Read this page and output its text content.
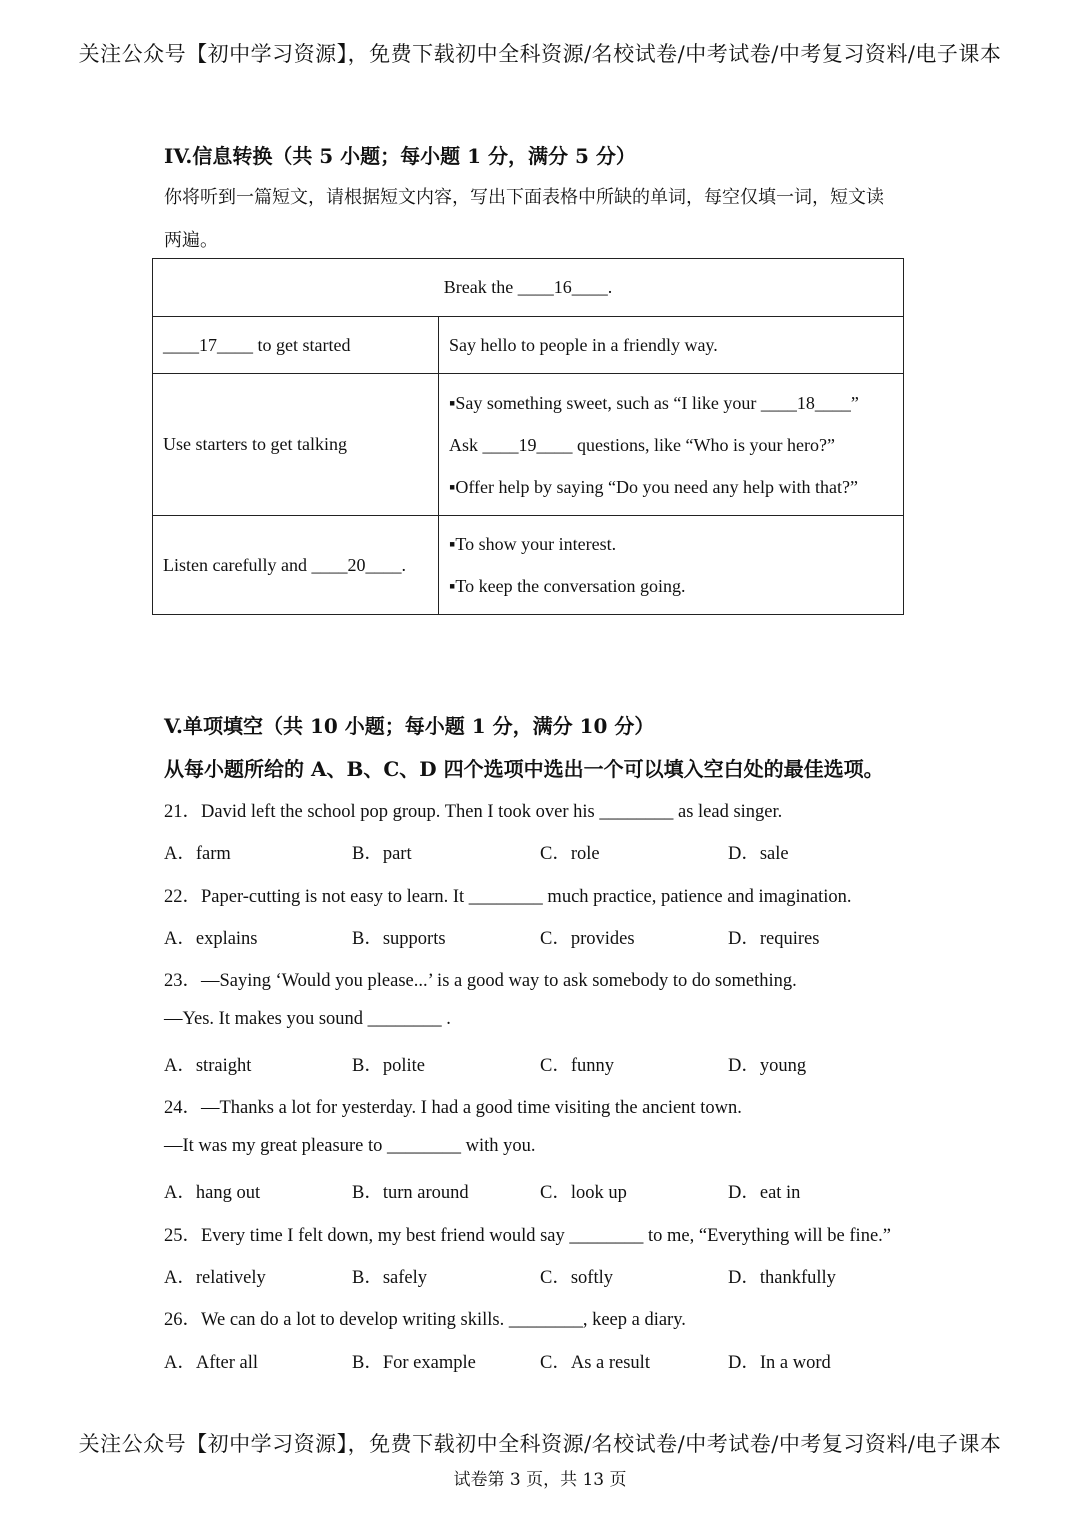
关注公众号【初中学习资源】，免费下载初中全科资源/名校试卷/中考试卷/中考复习资料/电子课本
IV.信息转换（共 5 小题；每小题 1 分，满分 5 分）
你将听到一篇短文，请根据短文内容，写出下面表格中所缺的单词，每空仅填一词，短文读
两遍。
Break the ____16____.	
____17____ to get started	Say hello to people in a friendly way.
Use starters to get talking	▪Say something sweet, such as “I like your ____18____”
Ask ____19____ questions, like “Who is your hero?”
▪Offer help by saying “Do you need any help with that?”

Listen carefully and ____20____.	▪To show your interest.
▪To keep the conversation going.
V.单项填空（共 10 小题；每小题 1 分，满分 10 分）
从每小题所给的 A、B、C、D 四个选项中选出一个可以填入空白处的最佳选项。
21．David left the school pop group. Then I took over his ________ as lead singer.
A．farm	B．part	C．role	D．sale
22．Paper-cutting is not easy to learn. It ________ much practice, patience and imagination.
A．explains	B．supports	C．provides	D．requires
23．—Saying ‘Would you please...’ is a good way to ask somebody to do something.
—Yes. It makes you sound ________ .
A．straight	B．polite	C．funny	D．young
24．—Thanks a lot for yesterday. I had a good time visiting the ancient town.
—It was my great pleasure to ________ with you.
A．hang out	B．turn around	C．look up	D．eat in
25．Every time I felt down, my best friend would say ________ to me, “Everything will be fine.”
A．relatively	B．safely	C．softly	D．thankfully
26．We can do a lot to develop writing skills. ________, keep a diary.
A．After all	B．For example	C．As a result	D．In a word
关注公众号【初中学习资源】，免费下载初中全科资源/名校试卷/中考试卷/中考复习资料/电子课本
试卷第 3 页，共 13 页
